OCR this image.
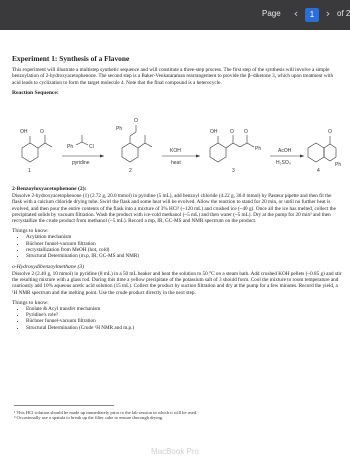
Page	‹	1	› of 2
Experiment 1: Synthesis of a Flavone

This experiment will illustrate a multistep synthetic sequence and will constitute a three-step process. The first step of the synthesis will involve a simple benzoylation of 2-hydroxyacetophenone. The second step is a Baker-Venkataraman rearrangement to provide the β–diketone 3, which upon treatment with acid leads to cyclization to form the target molecule 4. Note that the final compound is a heterocycle.

Reaction Sequence:
OH	O
Ph	Cl
pyridine
Ph
O
2
KOH
heat
OH	O O
Ph
3
AcOH
H₂SO₄
O
Ph
4
1
2-Benzoyloxyacetophenone (2):

Dissolve 2-hydroxyacetophenone (1) (2.72 g, 20.0 mmol) in pyridine (5 mL), add benzoyl chloride (4.22 g, 30.0 mmol) by Pasteur pipette and then fit the flask with a calcium chloride drying tube. Swirl the flask and some heat will be evolved. Allow the reaction to stand for 20 min, or until no further heat is evolved, and then pour the entire contents of the flask into a mixture of 3% HCl¹ (~120 mL) and crushed ice (~40 g). Once all the ice has melted, collect the precipitated solids by vacuum filtration. Wash the product with ice-cold methanol (~5 mL) and then water (~5 mL). Dry at the pump for 20 min² and then recrystallize the crude product from methanol (~5 mL). Record a mp, IR, GC-MS and NMR spectrum on the product.

Things to know:
• Acylation mechanism
• Büchner funnel-vacuum filtration
• recrystallization from MeOH (hot, cold)
• Structural Determination (m.p, IR, GC-MS and NMR)
o-Hydroxydibenzoylmethane (3)

Dissolve 2 (2.40 g, 10 mmol) in pyridine (8 mL) in a 50 mL beaker and heat the solution to 50 °C on a steam bath. Add crushed KOH pellets (~0.85 g) and stir the resulting mixture with a glass rod. During this time a yellow precipitate of the potassium salt of 3 should form. Cool the mixture to room temperature and cautiously add 10% aqueous acetic acid solution (15 mL). Collect the product by suction filtration and dry at the pump for a few minutes. Record the yield, a ¹H NMR spectrum and the melting point. Use the crude product directly in the next step.

Things to know:
• Enolate & Acyl transfer mechanism
• Pyridine's role?
• Büchner funnel-vacuum filtration
• Structural Determination (Crude ¹H NMR and m.p.)

¹ This HCl solution should be made up immediately prior to the lab session in which it will be used.

² Occasionally use a spatula to break up the filter cake to ensure thorough drying.

MacBook Pro
